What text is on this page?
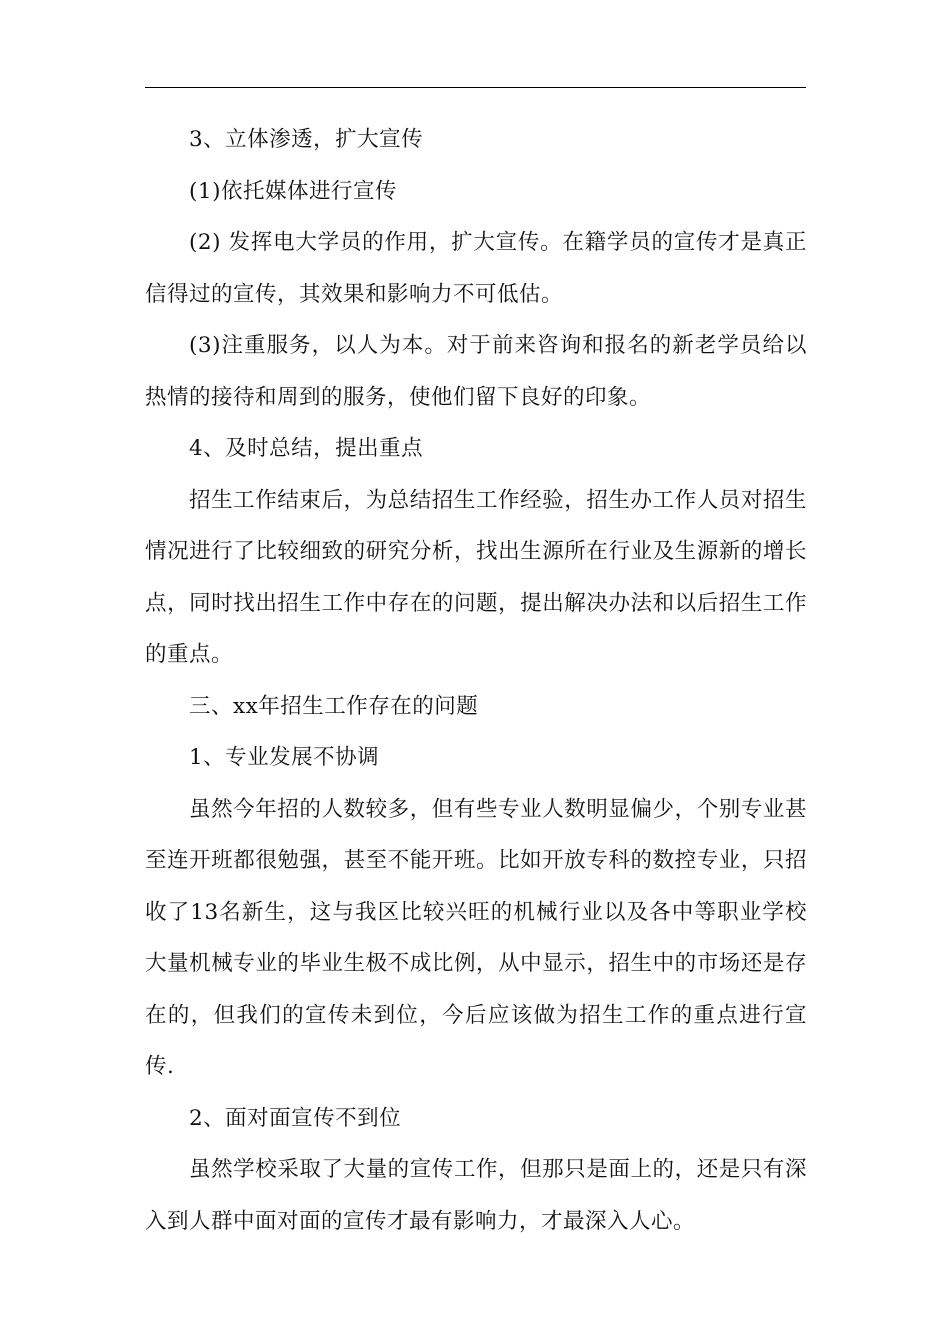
3、立体渗透，扩大宣传

(1)依托媒体进行宣传

(2) 发挥电大学员的作用，扩大宣传。在籍学员的宣传才是真正信得过的宣传，其效果和影响力不可低估。

(3)注重服务，以人为本。对于前来咨询和报名的新老学员给以热情的接待和周到的服务，使他们留下良好的印象。

4、及时总结，提出重点

招生工作结束后，为总结招生工作经验，招生办工作人员对招生情况进行了比较细致的研究分析，找出生源所在行业及生源新的增长点，同时找出招生工作中存在的问题，提出解决办法和以后招生工作的重点。

三、xx年招生工作存在的问题

1、专业发展不协调

虽然今年招的人数较多，但有些专业人数明显偏少，个别专业甚至连开班都很勉强，甚至不能开班。比如开放专科的数控专业，只招收了13名新生，这与我区比较兴旺的机械行业以及各中等职业学校大量机械专业的毕业生极不成比例，从中显示，招生中的市场还是存在的，但我们的宣传未到位，今后应该做为招生工作的重点进行宣传.

2、面对面宣传不到位

虽然学校采取了大量的宣传工作，但那只是面上的，还是只有深入到人群中面对面的宣传才最有影响力，才最深入人心。
